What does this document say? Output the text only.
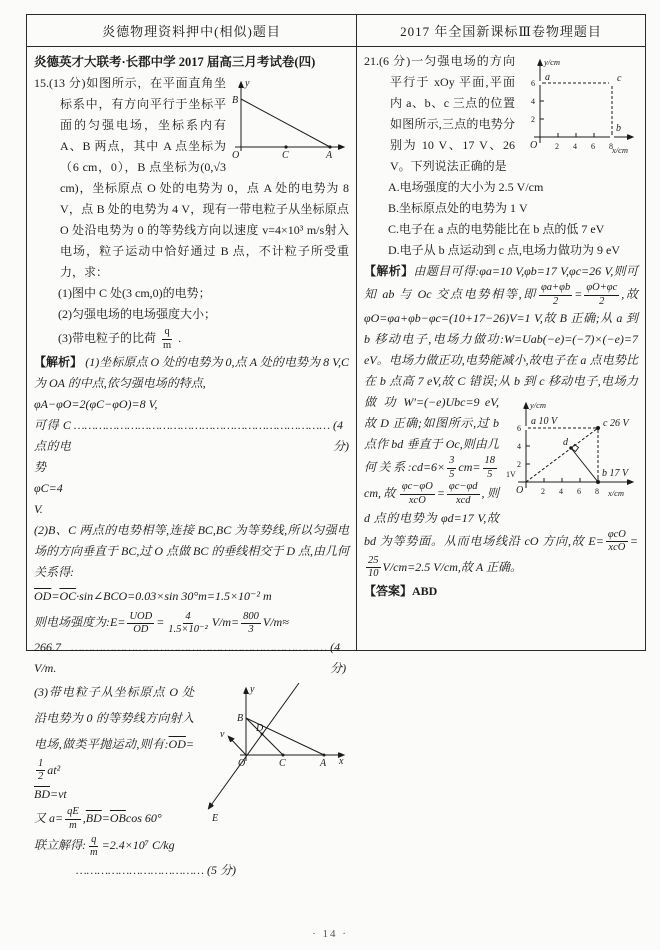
炎德物理资料押中(相似)题目	2017 年全国新课标Ⅲ卷物理题目

炎德英才大联考·长郡中学 2017 届高三月考试卷(四)

y
B
O	C	A
15.(13 分)如图所示，在平面直角坐标系中，有方向平行于坐标平面的匀强电场，坐标系内有 A、B 两点，其中 A 点坐标为（6 cm，0），B 点坐标为(0,√3 cm)，坐标原点 O 处的电势为 0，点 A 处的电势为 8 V，点 B 处的电势为 4 V，现有一带电粒子从坐标原点 O 处沿电势为 0 的等势线方向以速度 v=4×10³ m/s射入电场，粒子运动中恰好通过 B 点，不计粒子所受重力，求：

(1)图中 C 处(3 cm,0)的电势；

(2)匀强电场的电场强度大小；

(3)带电粒子的比荷 $\frac{q}{m}$ .

【解析】 (1)坐标原点 O 处的电势为 0,点 A 处的电势为 8 V,C 为 OA 的中点,依匀强电场的特点,

φA−φO=2(φC−φO)=8 V,

可得 C 点的电势 φC=4 V.
……………………………………………………………… (4 分)

(2)B、C 两点的电势相等,连接 BC,BC 为等势线,所以匀强电场的方向垂直于 BC,过 O 点做 BC 的垂线相交于 D 点,由几何关系得:

$\overline{OD}=\overline{OC}\cdot\sin\angle BCO=0.03\times\sin$ 30°m=1.5×10⁻² m

则电场强度为:E= UOD
OD
= $\frac{4}{\text{1.5×10⁻²}} V/m= \frac{800}{3} V/m\approx$

266.7 V/m.
……………………………………………………………… (4 分)

y
B
v
D
O	C	A x
E

(3)带电粒子从坐标原点 O 处沿电势为 0 的等势线方向射入电场,做类平抛运动,则有$:\overline{OD}=$
$\frac{1}{2} at^2$

$\overline{BD}=vt$

又 $a= \frac{qE}{m} ,\overline{BD}=\overline{OB}\cos$ 60°

联立解得: $\frac{q}{m} =2.4\times 10^7$ C/kg

……………………………… (5 分)

y/cm
x/cm
O
a	c
b
2 4 6 8
2
4
6
21.(6 分)一匀强电场的方向平行于 xOy 平面,平面内 a、b、c 三点的位置如图所示,三点的电势分别为 10 V、17 V、26 V。下列说法正确的是

A.电场强度的大小为 2.5 V/cm

B.坐标原点处的电势为 1 V

C.电子在 a 点的电势能比在 b 点的低 7 eV

D.电子从 b 点运动到 c 点,电场力做功为 9 eV

【解析】由题目可得:φa=10 V,φb=17 V,φc=26 V,则可知 ab 与 Oc 交点电势相等,即 $\frac{\varphi a+\varphi b}{2} = \frac{\varphi O+\varphi c}{2}$ ,故 φO=φa+φb−φc=(10+17−26)V=1 V,故 B 正确;从 a 到 b 移动电子,电场力做功:W=Uab(−e)=(−7)×(−e)=7 eV。电场力做正功,电势能减小,故电子在 a 点电势比在 b 点高 7 eV,故 C 错误;从 b 到 c 移动电子,电场力做	y/cm
x/cm
O
a 10 V	c 26 V
b 17 V
1V
d
2 4 6 8
2
4
6
功 W′=(−e)Ubc=9 eV,故 D 正确;如图所示,过 b 点作 bd 垂直于 Oc,则由几何关系:cd=6× $\frac{3}{5} cm= \frac{18}{5}$
cm,故 φc−φO
xcO
= φc−φd
xcd
,则 d 点的电势为 φd=17 V,故 bd 为等势面。从而电场线沿 cO 方向,故 E= φcO
xcO
=
$\frac{25}{10} V/cm=2.5$ V/cm,故 A 正确。

【答案】ABD

· 14 ·
